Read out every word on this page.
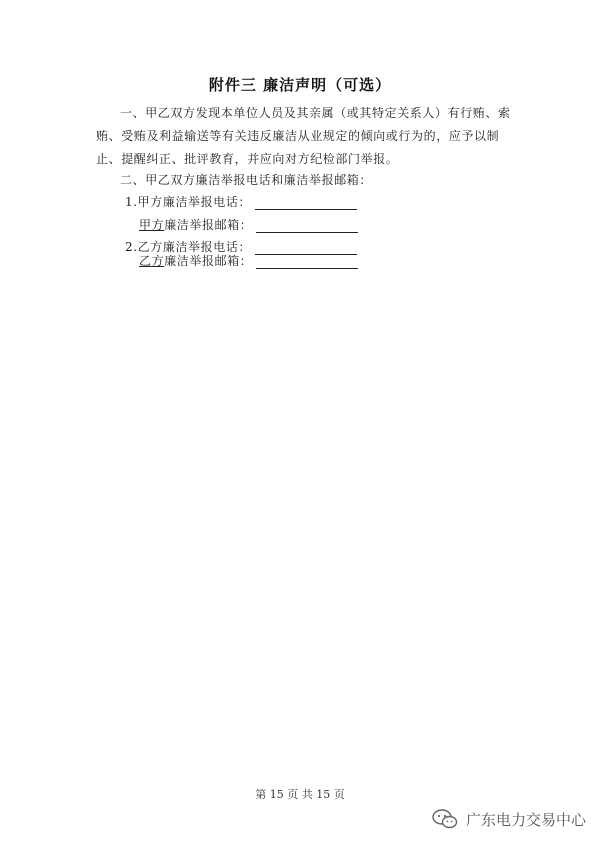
附件三 廉洁声明（可选）
一、甲乙双方发现本单位人员及其亲属（或其特定关系人）有行贿、索贿、受贿及利益输送等有关违反廉洁从业规定的倾向或行为的，应予以制止、提醒纠正、批评教育，并应向对方纪检部门举报。
二、甲乙双方廉洁举报电话和廉洁举报邮箱：
1.甲方廉洁举报电话：
甲方 廉洁举报邮箱：
2.乙方廉洁举报电话：
乙方 廉洁举报邮箱：
第 15 页 共 15 页
广东电力交易中心
